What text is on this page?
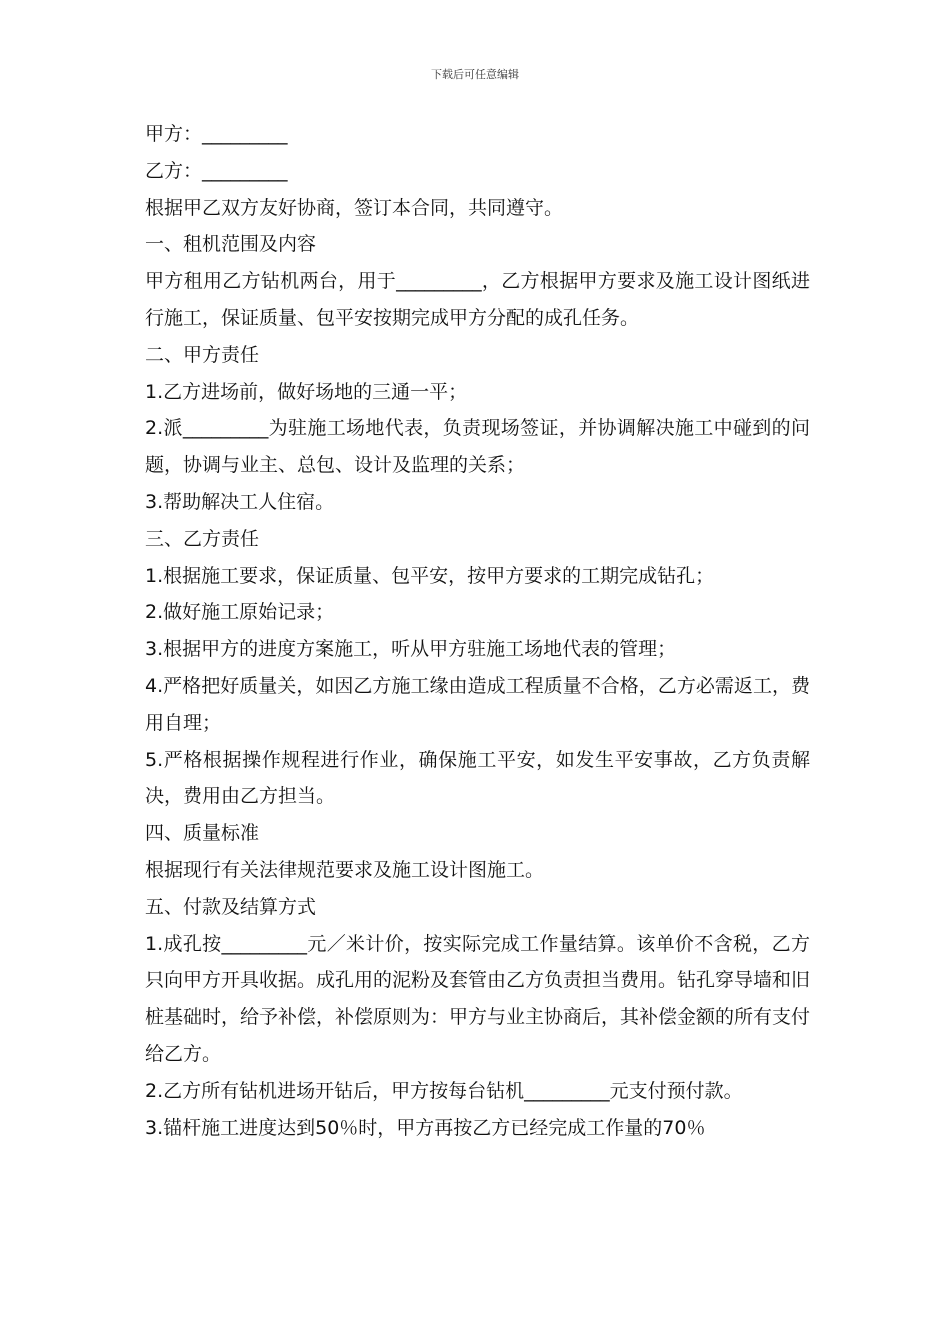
下载后可任意编辑

甲方：_________

乙方：_________

根据甲乙双方友好协商，签订本合同，共同遵守。

一、租机范围及内容

甲方租用乙方钻机两台，用于_________，乙方根据甲方要求及施工设计图纸进行施工，保证质量、包平安按期完成甲方分配的成孔任务。

二、甲方责任

1.乙方进场前，做好场地的三通一平；

2.派_________为驻施工场地代表，负责现场签证，并协调解决施工中碰到的问题，协调与业主、总包、设计及监理的关系；

3.帮助解决工人住宿。

三、乙方责任

1.根据施工要求，保证质量、包平安，按甲方要求的工期完成钻孔；

2.做好施工原始记录；

3.根据甲方的进度方案施工，听从甲方驻施工场地代表的管理；

4.严格把好质量关，如因乙方施工缘由造成工程质量不合格，乙方必需返工，费用自理；

5.严格根据操作规程进行作业，确保施工平安，如发生平安事故，乙方负责解决，费用由乙方担当。

四、质量标准

根据现行有关法律规范要求及施工设计图施工。

五、付款及结算方式

1.成孔按_________元／米计价，按实际完成工作量结算。该单价不含税，乙方只向甲方开具收据。成孔用的泥粉及套管由乙方负责担当费用。钻孔穿导墙和旧桩基础时，给予补偿，补偿原则为：甲方与业主协商后，其补偿金额的所有支付给乙方。

2.乙方所有钻机进场开钻后，甲方按每台钻机_________元支付预付款。

3.锚杆施工进度达到50％时，甲方再按乙方已经完成工作量的70％
